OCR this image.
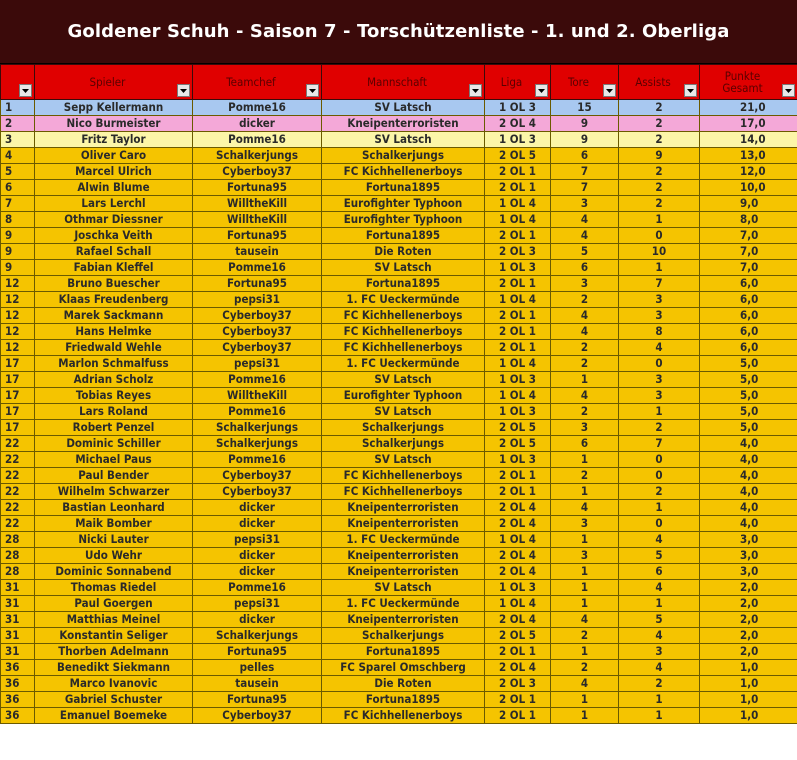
Goldener Schuh - Saison 7 - Torschützenliste - 1. und 2. Oberliga
	Spieler	Teamchef	Mannschaft	Liga	Tore	Assists	Punkte
Gesamt

1	Sepp Kellermann	Pomme16	SV Latsch	1 OL 3	15	2	21,0
2	Nico Burmeister	dicker	Kneipenterroristen	2 OL 4	9	2	17,0
3	Fritz Taylor	Pomme16	SV Latsch	1 OL 3	9	2	14,0
4	Oliver Caro	Schalkerjungs	Schalkerjungs	2 OL 5	6	9	13,0
5	Marcel Ulrich	Cyberboy37	FC Kichhellenerboys	2 OL 1	7	2	12,0
6	Alwin Blume	Fortuna95	Fortuna1895	2 OL 1	7	2	10,0
7	Lars Lerchl	WilltheKill	Eurofighter Typhoon	1 OL 4	3	2	9,0
8	Othmar Diessner	WilltheKill	Eurofighter Typhoon	1 OL 4	4	1	8,0
9	Joschka Veith	Fortuna95	Fortuna1895	2 OL 1	4	0	7,0
9	Rafael Schall	tausein	Die Roten	2 OL 3	5	10	7,0
9	Fabian Kleffel	Pomme16	SV Latsch	1 OL 3	6	1	7,0
12	Bruno Buescher	Fortuna95	Fortuna1895	2 OL 1	3	7	6,0
12	Klaas Freudenberg	pepsi31	1. FC Ueckermünde	1 OL 4	2	3	6,0
12	Marek Sackmann	Cyberboy37	FC Kichhellenerboys	2 OL 1	4	3	6,0
12	Hans Helmke	Cyberboy37	FC Kichhellenerboys	2 OL 1	4	8	6,0
12	Friedwald Wehle	Cyberboy37	FC Kichhellenerboys	2 OL 1	2	4	6,0
17	Marlon Schmalfuss	pepsi31	1. FC Ueckermünde	1 OL 4	2	0	5,0
17	Adrian Scholz	Pomme16	SV Latsch	1 OL 3	1	3	5,0
17	Tobias Reyes	WilltheKill	Eurofighter Typhoon	1 OL 4	4	3	5,0
17	Lars Roland	Pomme16	SV Latsch	1 OL 3	2	1	5,0
17	Robert Penzel	Schalkerjungs	Schalkerjungs	2 OL 5	3	2	5,0
22	Dominic Schiller	Schalkerjungs	Schalkerjungs	2 OL 5	6	7	4,0
22	Michael Paus	Pomme16	SV Latsch	1 OL 3	1	0	4,0
22	Paul Bender	Cyberboy37	FC Kichhellenerboys	2 OL 1	2	0	4,0
22	Wilhelm Schwarzer	Cyberboy37	FC Kichhellenerboys	2 OL 1	1	2	4,0
22	Bastian Leonhard	dicker	Kneipenterroristen	2 OL 4	4	1	4,0
22	Maik Bomber	dicker	Kneipenterroristen	2 OL 4	3	0	4,0
28	Nicki Lauter	pepsi31	1. FC Ueckermünde	1 OL 4	1	4	3,0
28	Udo Wehr	dicker	Kneipenterroristen	2 OL 4	3	5	3,0
28	Dominic Sonnabend	dicker	Kneipenterroristen	2 OL 4	1	6	3,0
31	Thomas Riedel	Pomme16	SV Latsch	1 OL 3	1	4	2,0
31	Paul Goergen	pepsi31	1. FC Ueckermünde	1 OL 4	1	1	2,0
31	Matthias Meinel	dicker	Kneipenterroristen	2 OL 4	4	5	2,0
31	Konstantin Seliger	Schalkerjungs	Schalkerjungs	2 OL 5	2	4	2,0
31	Thorben Adelmann	Fortuna95	Fortuna1895	2 OL 1	1	3	2,0
36	Benedikt Siekmann	pelles	FC Sparel Omschberg	2 OL 4	2	4	1,0
36	Marco Ivanovic	tausein	Die Roten	2 OL 3	4	2	1,0
36	Gabriel Schuster	Fortuna95	Fortuna1895	2 OL 1	1	1	1,0
36	Emanuel Boemeke	Cyberboy37	FC Kichhellenerboys	2 OL 1	1	1	1,0
